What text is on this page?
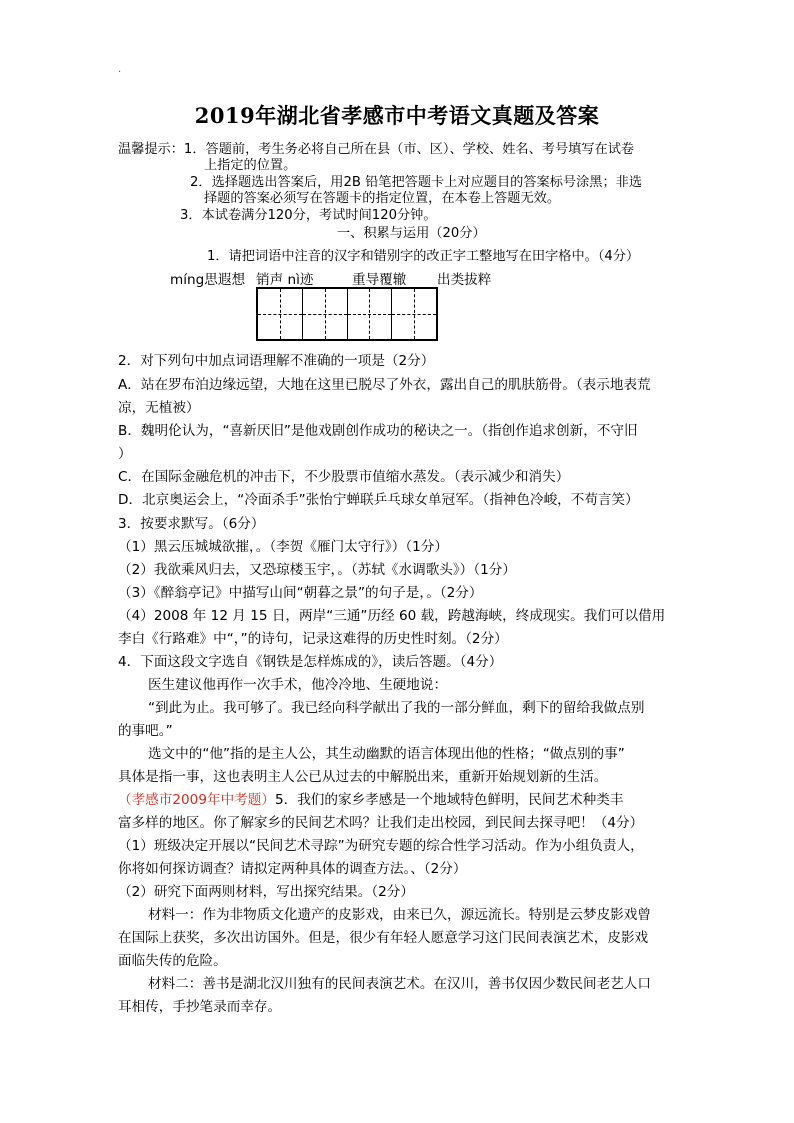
.
2019年湖北省孝感市中考语文真题及答案
温馨提示：1．答题前，考生务必将自己所在县（市、区）、学校、姓名、考号填写在试卷
上指定的位置。
2．选择题选出答案后，用2B 铅笔把答题卡上对应题目的答案标号涂黑；非选
择题的答案必须写在答题卡的指定位置，在本卷上答题无效。
3．本试卷满分120分，考试时间120分钟。
一、积累与运用（20分）
1．请把词语中注音的汉字和错别字的改正字工整地写在田字格中。（4分）
míng思遐想 销声 nì迹	重导覆辙 出类拔粹
2．对下列句中加点词语理解不准确的一项是（2分）
A．站在罗布泊边缘远望，大地在这里已脱尽了外衣，露出自己的肌肤筋骨。（表示地表荒
凉，无植被）
B．魏明伦认为，“喜新厌旧”是他戏剧创作成功的秘诀之一。（指创作追求创新，不守旧
）
C．在国际金融危机的冲击下，不少股票市值缩水蒸发。（表示减少和消失）
D．北京奥运会上，“冷面杀手”张怡宁蝉联乒乓球女单冠军。（指神色冷峻，不苟言笑）
3．按要求默写。（6分）
（1）黑云压城城欲摧，。（李贺《雁门太守行》）（1分）
（2）我欲乘风归去，又恐琼楼玉宇，。（苏轼《水调歌头》）（1分）
（3）《醉翁亭记》中描写山间“朝暮之景”的句子是，。（2分）
（4）2008 年 12 月 15 日，两岸“三通”历经 60 载，跨越海峡，终成现实。我们可以借用
李白《行路难》中“，”的诗句，记录这难得的历史性时刻。（2分）
4．下面这段文字选自《钢铁是怎样炼成的》，读后答题。（4分）
医生建议他再作一次手术，他冷冷地、生硬地说：
“到此为止。我可够了。我已经向科学献出了我的一部分鲜血，剩下的留给我做点别
的事吧。”
选文中的“他”指的是主人公，其生动幽默的语言体现出他的性格；“做点别的事”
具体是指一事，这也表明主人公已从过去的中解脱出来，重新开始规划新的生活。
（孝感市2009年中考题）5．我们的家乡孝感是一个地域特色鲜明，民间艺术种类丰
富多样的地区。你了解家乡的民间艺术吗？让我们走出校园，到民间去探寻吧！（4分）
（1）班级决定开展以“民间艺术寻踪”为研究专题的综合性学习活动。作为小组负责人，
你将如何探访调查？请拟定两种具体的调查方法。、（2分）
（2）研究下面两则材料，写出探究结果。（2分）
材料一：作为非物质文化遗产的皮影戏，由来已久，源远流长。特别是云梦皮影戏曾
在国际上获奖，多次出访国外。但是，很少有年轻人愿意学习这门民间表演艺术，皮影戏
面临失传的危险。
材料二：善书是湖北汉川独有的民间表演艺术。在汉川，善书仅因少数民间老艺人口
耳相传，手抄笔录而幸存。
